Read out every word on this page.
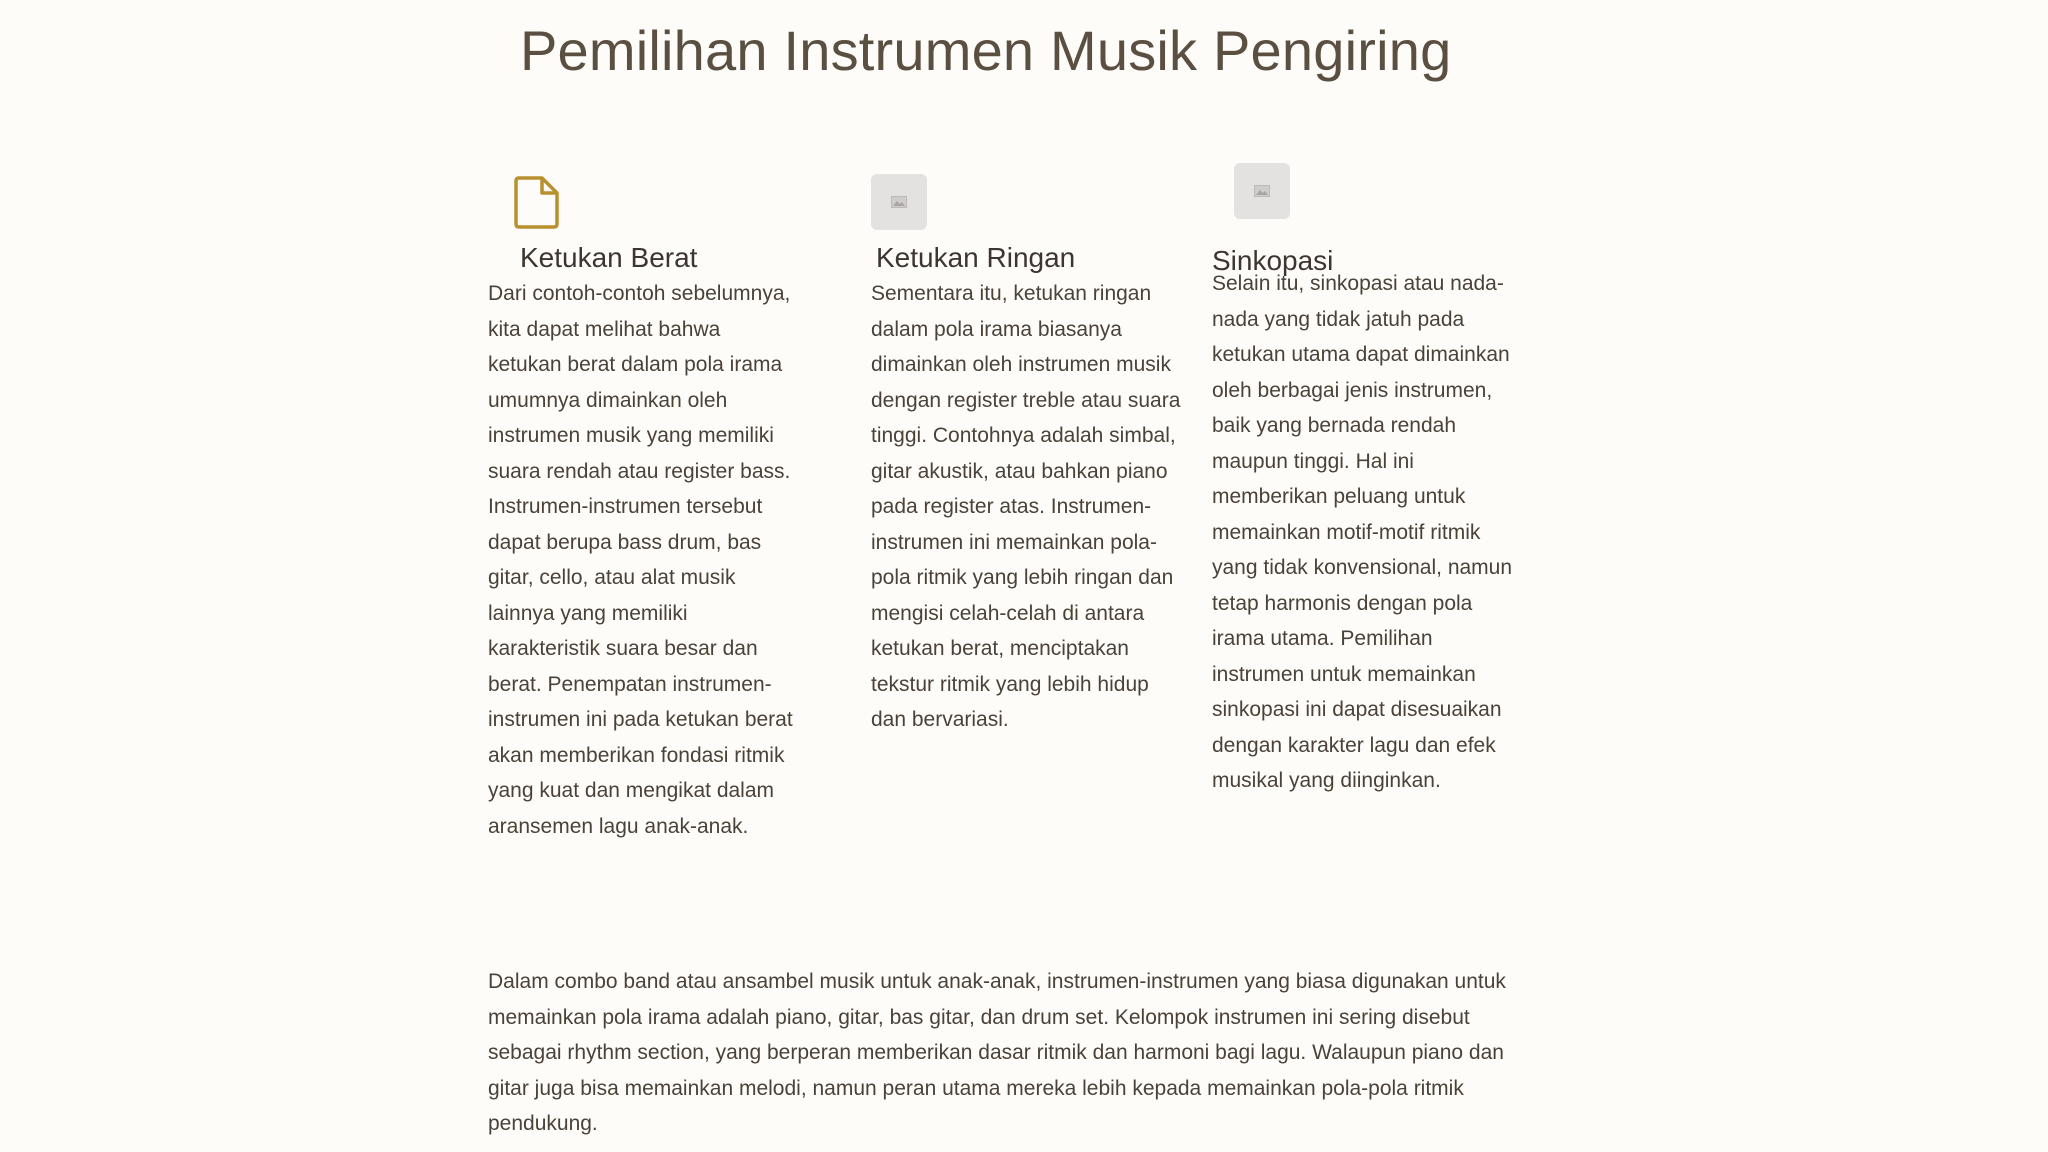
Pemilihan Instrumen Musik Pengiring
Ketukan Berat

Dari contoh-contoh sebelumnya, kita dapat melihat bahwa ketukan berat dalam pola irama umumnya dimainkan oleh instrumen musik yang memiliki suara rendah atau register bass. Instrumen-instrumen tersebut dapat berupa bass drum, bas gitar, cello, atau alat musik lainnya yang memiliki karakteristik suara besar dan berat. Penempatan instrumen-instrumen ini pada ketukan berat akan memberikan fondasi ritmik yang kuat dan mengikat dalam aransemen lagu anak-anak.

Ketukan Ringan

Sementara itu, ketukan ringan dalam pola irama biasanya dimainkan oleh instrumen musik dengan register treble atau suara tinggi. Contohnya adalah simbal, gitar akustik, atau bahkan piano pada register atas. Instrumen-instrumen ini memainkan pola-pola ritmik yang lebih ringan dan mengisi celah-celah di antara ketukan berat, menciptakan tekstur ritmik yang lebih hidup dan bervariasi.

Sinkopasi

Selain itu, sinkopasi atau nada-nada yang tidak jatuh pada ketukan utama dapat dimainkan oleh berbagai jenis instrumen, baik yang bernada rendah maupun tinggi. Hal ini memberikan peluang untuk memainkan motif-motif ritmik yang tidak konvensional, namun tetap harmonis dengan pola irama utama. Pemilihan instrumen untuk memainkan sinkopasi ini dapat disesuaikan dengan karakter lagu dan efek musikal yang diinginkan.

Dalam combo band atau ansambel musik untuk anak-anak, instrumen-instrumen yang biasa digunakan untuk memainkan pola irama adalah piano, gitar, bas gitar, dan drum set. Kelompok instrumen ini sering disebut sebagai rhythm section, yang berperan memberikan dasar ritmik dan harmoni bagi lagu. Walaupun piano dan gitar juga bisa memainkan melodi, namun peran utama mereka lebih kepada memainkan pola-pola ritmik pendukung.
